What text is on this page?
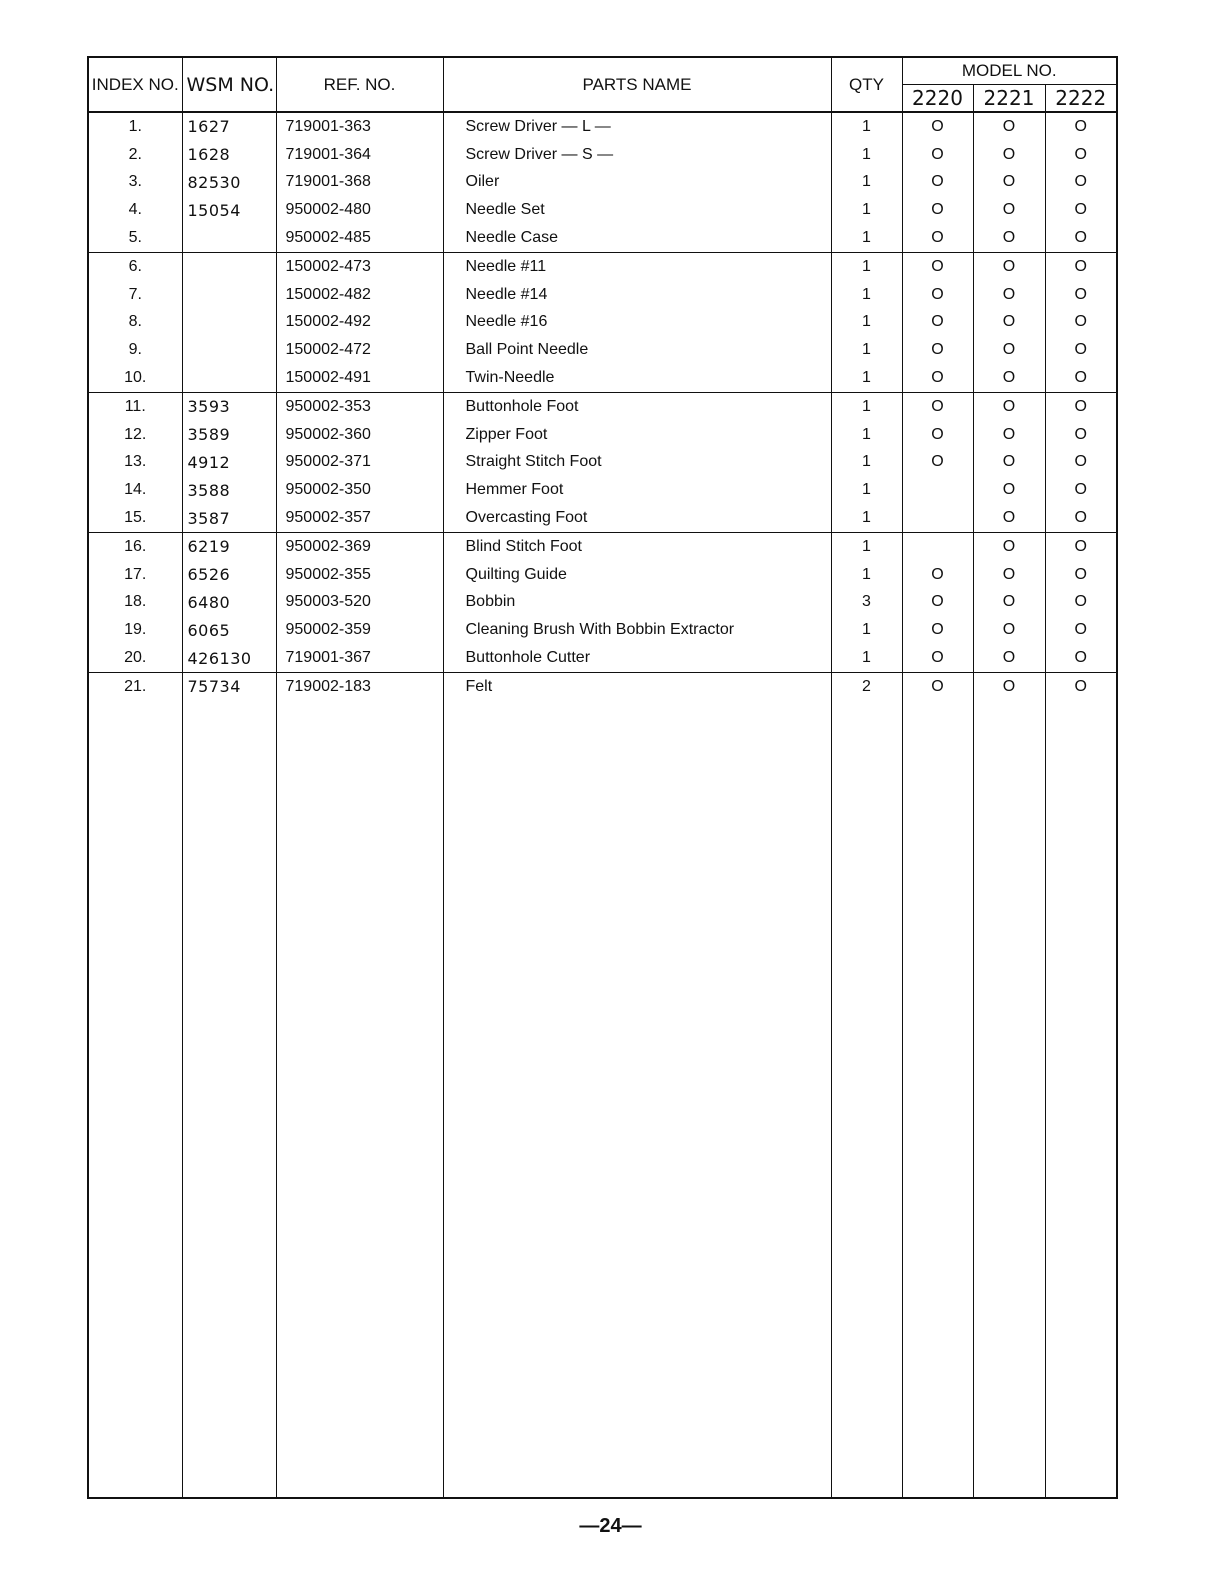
INDEX NO.	WSM NO.	REF. NO.	PARTS NAME	QTY	MODEL NO.		
					2220	2221	2222
1.	1627	719001-363	Screw Driver — L —	1	O	O	O
2.	1628	719001-364	Screw Driver — S —	1	O	O	O
3.	82530	719001-368	Oiler	1	O	O	O
4.	15054	950002-480	Needle Set	1	O	O	O
5.		950002-485	Needle Case	1	O	O	O
6.		150002-473	Needle #11	1	O	O	O
7.		150002-482	Needle #14	1	O	O	O
8.		150002-492	Needle #16	1	O	O	O
9.		150002-472	Ball Point Needle	1	O	O	O
10.		150002-491	Twin-Needle	1	O	O	O
11.	3593	950002-353	Buttonhole Foot	1	O	O	O
12.	3589	950002-360	Zipper Foot	1	O	O	O
13.	4912	950002-371	Straight Stitch Foot	1	O	O	O
14.	3588	950002-350	Hemmer Foot	1		O	O
15.	3587	950002-357	Overcasting Foot	1		O	O
16.	6219	950002-369	Blind Stitch Foot	1		O	O
17.	6526	950002-355	Quilting Guide	1	O	O	O
18.	6480	950003-520	Bobbin	3	O	O	O
19.	6065	950002-359	Cleaning Brush With Bobbin Extractor	1	O	O	O
20.	426130	719001-367	Buttonhole Cutter	1	O	O	O
21.	75734	719002-183	Felt	2	O	O	O

—24—
